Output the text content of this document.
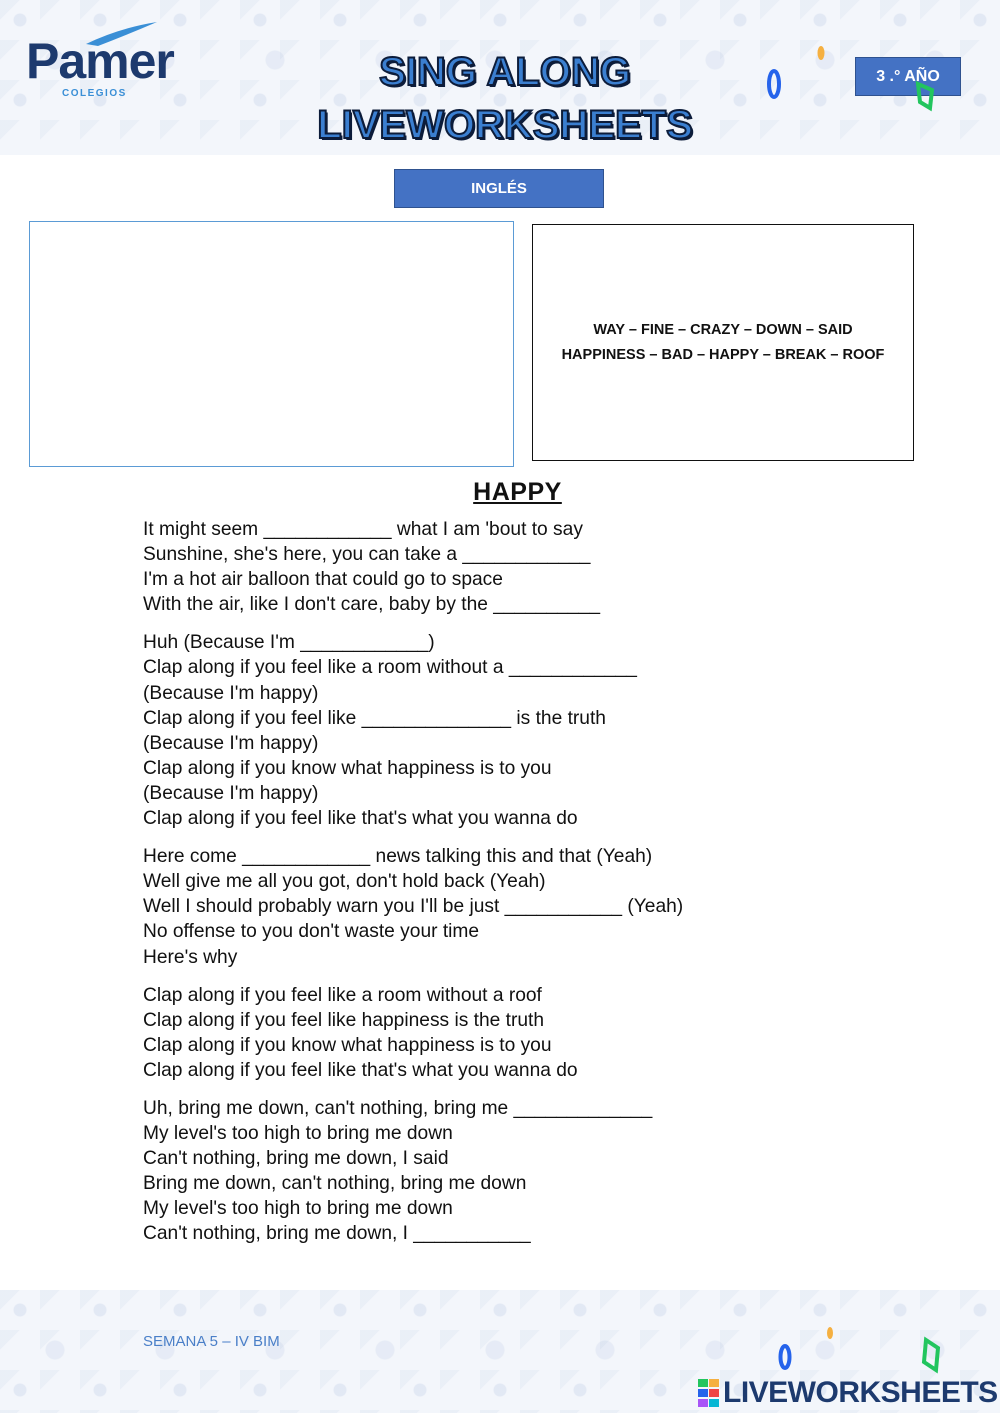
Pamer
COLEGIOS	SING ALONG
LIVEWORKSHEETS
3 .° AÑO
INGLÉS
WAY – FINE – CRAZY – DOWN – SAID
HAPPINESS – BAD – HAPPY – BREAK – ROOF
HAPPY
It might seem ____________ what I am 'bout to say
Sunshine, she's here, you can take a ____________
I'm a hot air balloon that could go to space
With the air, like I don't care, baby by the __________
Huh (Because I'm ____________)
Clap along if you feel like a room without a ____________
(Because I'm happy)
Clap along if you feel like ______________ is the truth
(Because I'm happy)
Clap along if you know what happiness is to you
(Because I'm happy)
Clap along if you feel like that's what you wanna do
Here come ____________ news talking this and that (Yeah)
Well give me all you got, don't hold back (Yeah)
Well I should probably warn you I'll be just ___________ (Yeah)
No offense to you don't waste your time
Here's why
Clap along if you feel like a room without a roof
Clap along if you feel like happiness is the truth
Clap along if you know what happiness is to you
Clap along if you feel like that's what you wanna do
Uh, bring me down, can't nothing, bring me _____________
My level's too high to bring me down
Can't nothing, bring me down, I said
Bring me down, can't nothing, bring me down
My level's too high to bring me down
Can't nothing, bring me down, I ___________
SEMANA 5 – IV BIM
LIVEWORKSHEETS
